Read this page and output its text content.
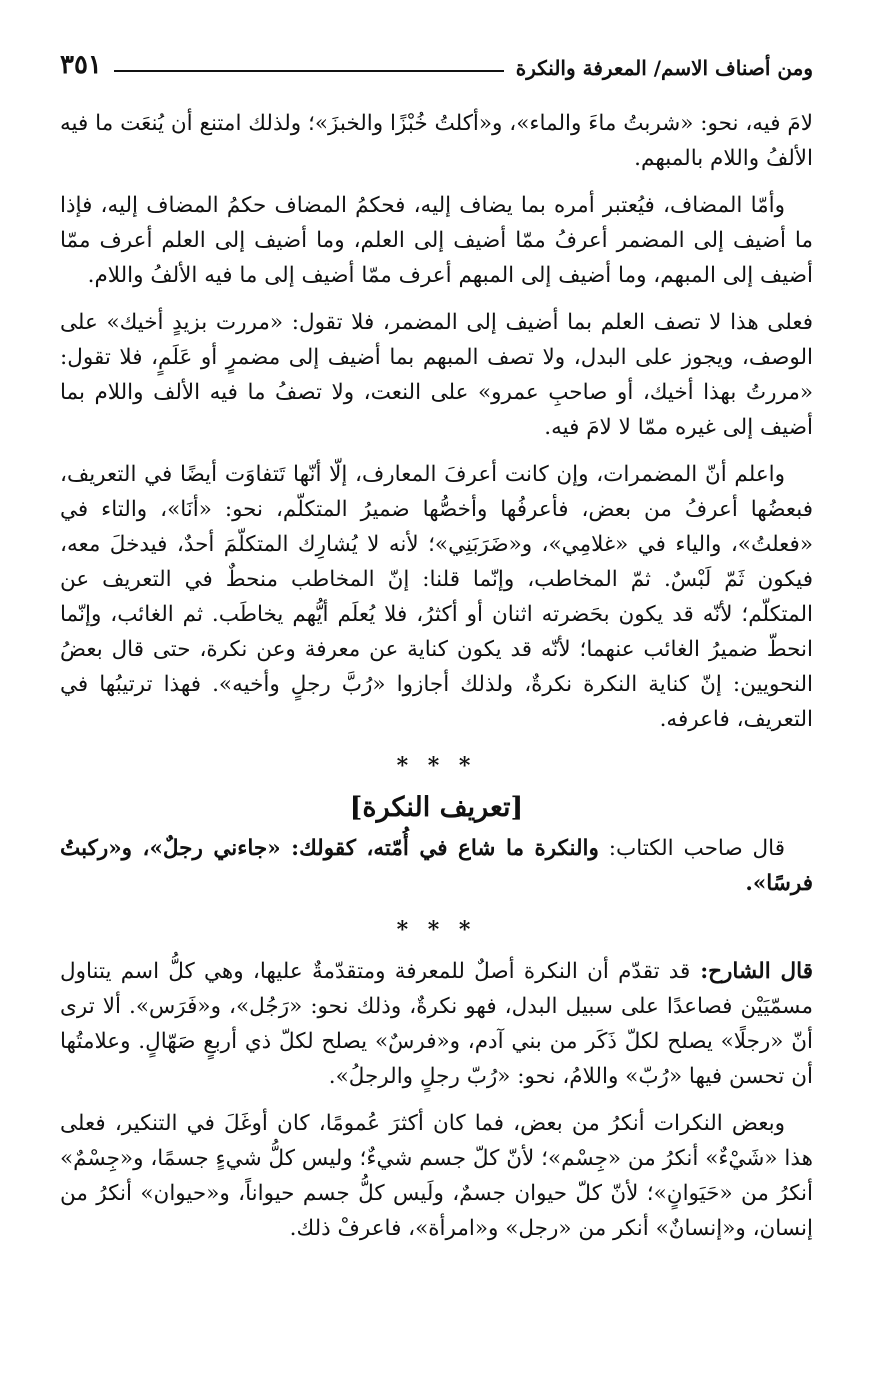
ومن أصناف الاسم/ المعرفة والنكرة
٣٥١

لامَ فيه، نحو: «شربتُ ماءَ والماء»، و«أكلتُ خُبْزًا والخبزَ»؛ ولذلك امتنع أن يُنعَت ما فيه الألفُ واللام بالمبهم.

وأمّا المضاف، فيُعتبر أمره بما يضاف إليه، فحكمُ المضاف حكمُ المضاف إليه، فإذا ما أضيف إلى المضمر أعرفُ ممّا أضيف إلى العلم، وما أضيف إلى العلم أعرف ممّا أضيف إلى المبهم، وما أضيف إلى المبهم أعرف ممّا أضيف إلى ما فيه الألفُ واللام.

فعلى هذا لا تصف العلم بما أضيف إلى المضمر، فلا تقول: «مررت بزيدٍ أخيك» على الوصف، ويجوز على البدل، ولا تصف المبهم بما أضيف إلى مضمرٍ أو عَلَمٍ، فلا تقول: «مررتُ بهذا أخيك، أو صاحبِ عمرو» على النعت، ولا تصفُ ما فيه الألف واللام بما أضيف إلى غيره ممّا لا لامَ فيه.

واعلم أنّ المضمرات، وإن كانت أعرفَ المعارف، إلّا أنّها تَتفاوَت أيضًا في التعريف، فبعضُها أعرفُ من بعض، فأعرفُها وأخصُّها ضميرُ المتكلّم، نحو: «أنَا»، والتاء في «فعلتُ»، والياء في «غلامِي»، و«ضَرَبَنِي»؛ لأنه لا يُشارِك المتكلّمَ أحدٌ، فيدخلَ معه، فيكون ثَمّ لَبْسٌ. ثمّ المخاطب، وإنّما قلنا: إنّ المخاطب منحطٌ في التعريف عن المتكلّم؛ لأنّه قد يكون بحَضرته اثنان أو أكثرُ، فلا يُعلَم أيُّهم يخاطَب. ثم الغائب، وإنّما انحطّ ضميرُ الغائب عنهما؛ لأنّه قد يكون كناية عن معرفة وعن نكرة، حتى قال بعضُ النحويين: إنّ كناية النكرة نكرةٌ، ولذلك أجازوا «رُبَّ رجلٍ وأخيه». فهذا ترتيبُها في التعريف، فاعرفه.

* * *
[تعريف النكرة]

قال صاحب الكتاب: والنكرة ما شاع في أُمّته، كقولك: «جاءني رجلٌ»، و«ركبتُ فرسًا».

* * *

قال الشارح: قد تقدّم أن النكرة أصلٌ للمعرفة ومتقدّمةٌ عليها، وهي كلُّ اسم يتناول مسمّيَيْن فصاعدًا على سبيل البدل، فهو نكرةٌ، وذلك نحو: «رَجُل»، و«فَرَس». ألا ترى أنّ «رجلًا» يصلح لكلّ ذَكَر من بني آدم، و«فرسٌ» يصلح لكلّ ذي أربعٍ صَهّالٍ. وعلامتُها أن تحسن فيها «رُبّ» واللامُ، نحو: «رُبّ رجلٍ والرجلُ».

وبعض النكرات أنكرُ من بعض، فما كان أكثرَ عُمومًا، كان أوغَلَ في التنكير، فعلى هذا «شَيْءٌ» أنكرُ من «جِسْم»؛ لأنّ كلّ جسم شيءٌ؛ وليس كلُّ شيءٍ جسمًا، و«جِسْمٌ» أنكرُ من «حَيَوانٍ»؛ لأنّ كلّ حيوان جسمٌ، ولَيس كلُّ جسم حيواناً، و«حيوان» أنكرُ من إنسان، و«إنسانٌ» أنكر من «رجل» و«امرأة»، فاعرفْ ذلك.
